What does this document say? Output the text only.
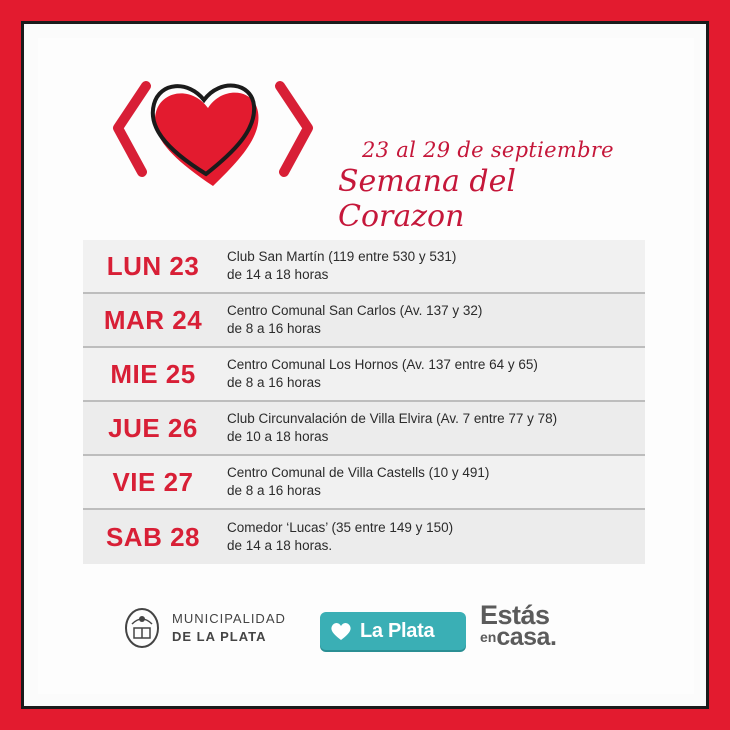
23 al 29 de septiembre
Semana del Corazon
LUN 23	Club San Martín (119 entre 530 y 531)
de 14 a 18 horas
MAR 24	Centro Comunal San Carlos (Av. 137 y 32)
de 8 a 16 horas
MIE 25	Centro Comunal Los Hornos (Av. 137 entre 64 y 65)
de 8 a 16 horas
JUE 26	Club Circunvalación de Villa Elvira (Av. 7 entre 77 y 78)
de 10 a 18 horas
VIE 27	Centro Comunal de Villa Castells (10 y 491)
de 8 a 16 horas
SAB 28	Comedor ‘Lucas’ (35 entre 149 y 150)
de 14 a 18 horas.
MUNICIPALIDAD
DE LA PLATA	La Plata
Estás
encasa.
